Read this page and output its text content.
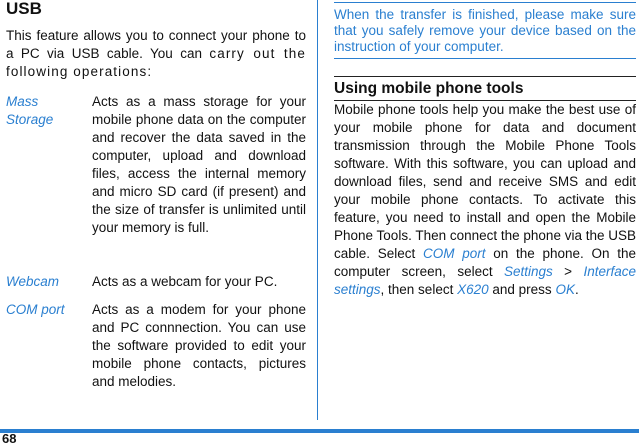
USB
This feature allows you to connect your phone to a PC via USB cable. You can carry out the following operations:
Mass Storage
Acts as a mass storage for your mobile phone data on the computer and recover the data saved in the computer, upload and download files, access the internal memory and micro SD card (if present) and the size of transfer is unlimited until your memory is full.
Webcam	Acts as a webcam for your PC.
COM port	Acts as a modem for your phone and PC connnection. You can use the software provided to edit your mobile phone contacts, pictures and melodies.
When the transfer is finished, please make sure that you safely remove your device based on the instruction of your computer.
Using mobile phone tools
Mobile phone tools help you make the best use of your mobile phone for data and document transmission through the Mobile Phone Tools software. With this software, you can upload and download files, send and receive SMS and edit your mobile phone contacts. To activate this feature, you need to install and open the Mobile Phone Tools. Then connect the phone via the USB cable. Select COM port on the phone. On the computer screen, select Settings > Interface settings, then select X620 and press OK.
68
